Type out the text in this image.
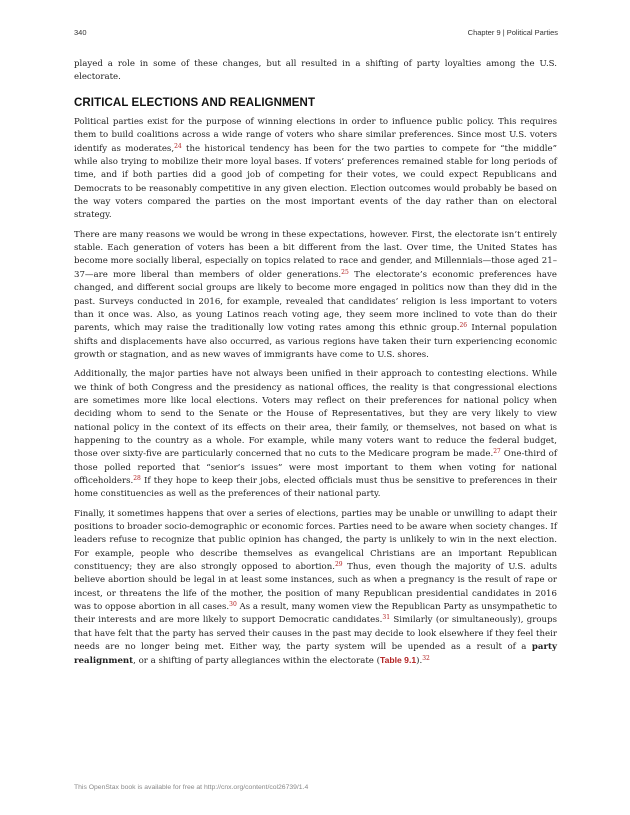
340	Chapter 9 | Political Parties

played a role in some of these changes, but all resulted in a shifting of party loyalties among the U.S. electorate.

CRITICAL ELECTIONS AND REALIGNMENT

Political parties exist for the purpose of winning elections in order to influence public policy. This requires them to build coalitions across a wide range of voters who share similar preferences. Since most U.S. voters identify as moderates,$^{24}$ the historical tendency has been for the two parties to compete for “the middle” while also trying to mobilize their more loyal bases. If voters’ preferences remained stable for long periods of time, and if both parties did a good job of competing for their votes, we could expect Republicans and Democrats to be reasonably competitive in any given election. Election outcomes would probably be based on the way voters compared the parties on the most important events of the day rather than on electoral strategy.

There are many reasons we would be wrong in these expectations, however. First, the electorate isn’t entirely stable. Each generation of voters has been a bit different from the last. Over time, the United States has become more socially liberal, especially on topics related to race and gender, and Millennials—those aged 21–37—are more liberal than members of older generations.$^{25}$ The electorate’s economic preferences have changed, and different social groups are likely to become more engaged in politics now than they did in the past. Surveys conducted in 2016, for example, revealed that candidates’ religion is less important to voters than it once was. Also, as young Latinos reach voting age, they seem more inclined to vote than do their parents, which may raise the traditionally low voting rates among this ethnic group.$^{26}$ Internal population shifts and displacements have also occurred, as various regions have taken their turn experiencing economic growth or stagnation, and as new waves of immigrants have come to U.S. shores.

Additionally, the major parties have not always been unified in their approach to contesting elections. While we think of both Congress and the presidency as national offices, the reality is that congressional elections are sometimes more like local elections. Voters may reflect on their preferences for national policy when deciding whom to send to the Senate or the House of Representatives, but they are very likely to view national policy in the context of its effects on their area, their family, or themselves, not based on what is happening to the country as a whole. For example, while many voters want to reduce the federal budget, those over sixty-five are particularly concerned that no cuts to the Medicare program be made.$^{27}$ One-third of those polled reported that “senior’s issues” were most important to them when voting for national officeholders.$^{28}$ If they hope to keep their jobs, elected officials must thus be sensitive to preferences in their home constituencies as well as the preferences of their national party.

Finally, it sometimes happens that over a series of elections, parties may be unable or unwilling to adapt their positions to broader socio-demographic or economic forces. Parties need to be aware when society changes. If leaders refuse to recognize that public opinion has changed, the party is unlikely to win in the next election. For example, people who describe themselves as evangelical Christians are an important Republican constituency; they are also strongly opposed to abortion.$^{29}$ Thus, even though the majority of U.S. adults believe abortion should be legal in at least some instances, such as when a pregnancy is the result of rape or incest, or threatens the life of the mother, the position of many Republican presidential candidates in 2016 was to oppose abortion in all cases.$^{30}$ As a result, many women view the Republican Party as unsympathetic to their interests and are more likely to support Democratic candidates.$^{31}$ Similarly (or simultaneously), groups that have felt that the party has served their causes in the past may decide to look elsewhere if they feel their needs are no longer being met. Either way, the party system will be upended as a result of a party realignment, or a shifting of party allegiances within the electorate (Table 9.1).$^{32}$

This OpenStax book is available for free at http://cnx.org/content/col26739/1.4
